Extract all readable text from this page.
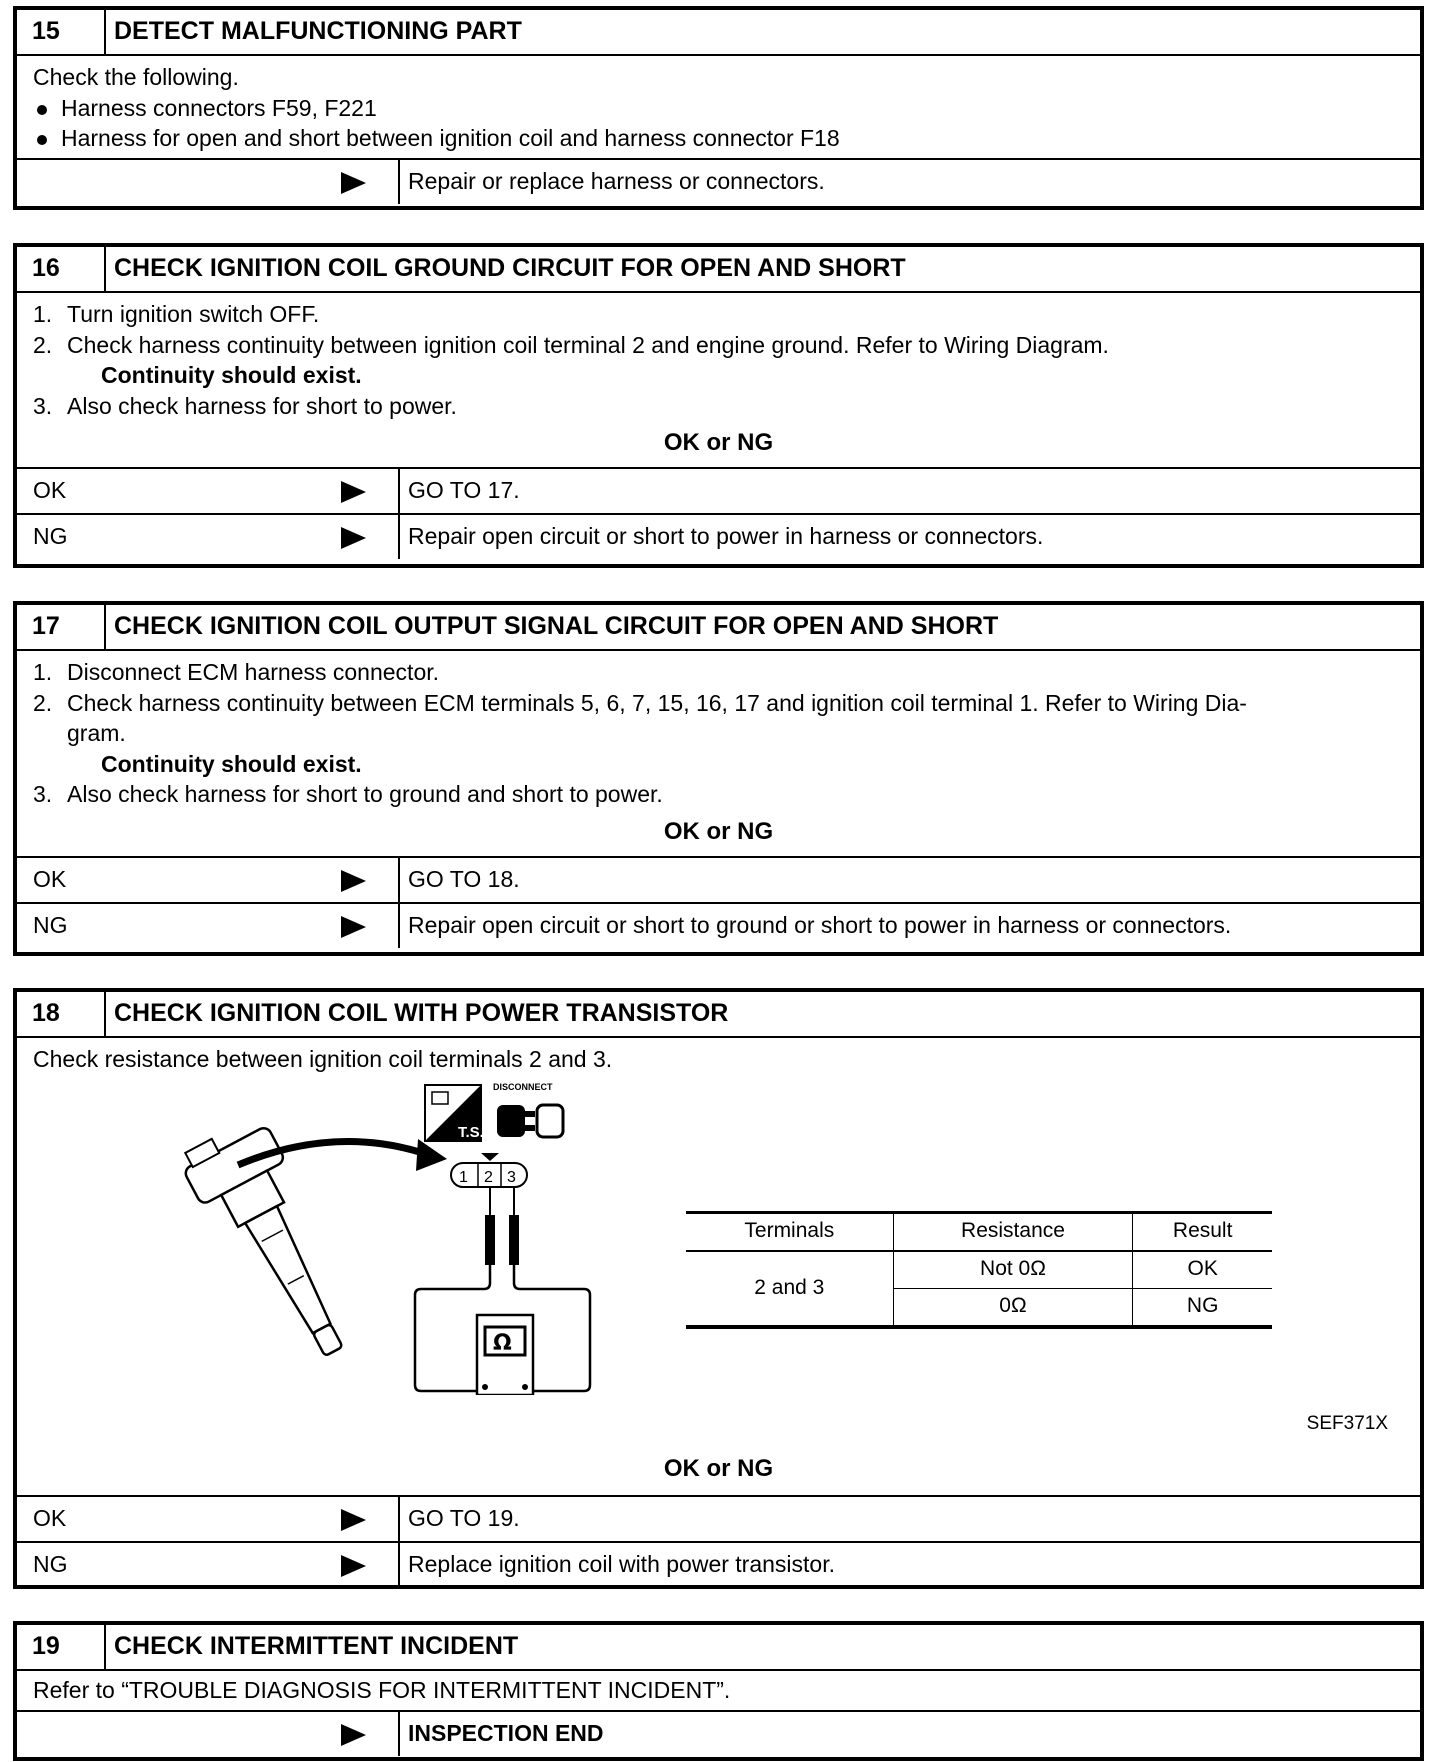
15	DETECT MALFUNCTIONING PART

Check the following.

Harness connectors F59, F221

Harness for open and short between ignition coil and harness connector F18

Repair or replace harness or connectors.
16	CHECK IGNITION COIL GROUND CIRCUIT FOR OPEN AND SHORT

1. Turn ignition switch OFF.

2. Check harness continuity between ignition coil terminal 2 and engine ground. Refer to Wiring Diagram.

Continuity should exist.

3. Also check harness for short to power.

OK or NG
OK	GO TO 17.
NG	Repair open circuit or short to power in harness or connectors.
17	CHECK IGNITION COIL OUTPUT SIGNAL CIRCUIT FOR OPEN AND SHORT

1. Disconnect ECM harness connector.

2. Check harness continuity between ECM terminals 5, 6, 7, 15, 16, 17 and ignition coil terminal 1. Refer to Wiring Dia-
gram.

Continuity should exist.

3. Also check harness for short to ground and short to power.

OK or NG
OK	GO TO 18.
NG	Repair open circuit or short to ground or short to power in harness or connectors.
18	CHECK IGNITION COIL WITH POWER TRANSISTOR

Check resistance between ignition coil terminals 2 and 3.

T.S.
DISCONNECT
1 2 3
Ω
Terminals	Resistance	Result
2 and 3	Not 0Ω	OK
	0Ω	NG
SEF371X
OK or NG
OK	GO TO 19.
NG	Replace ignition coil with power transistor.
19	CHECK INTERMITTENT INCIDENT

Refer to “TROUBLE DIAGNOSIS FOR INTERMITTENT INCIDENT”.

INSPECTION END
